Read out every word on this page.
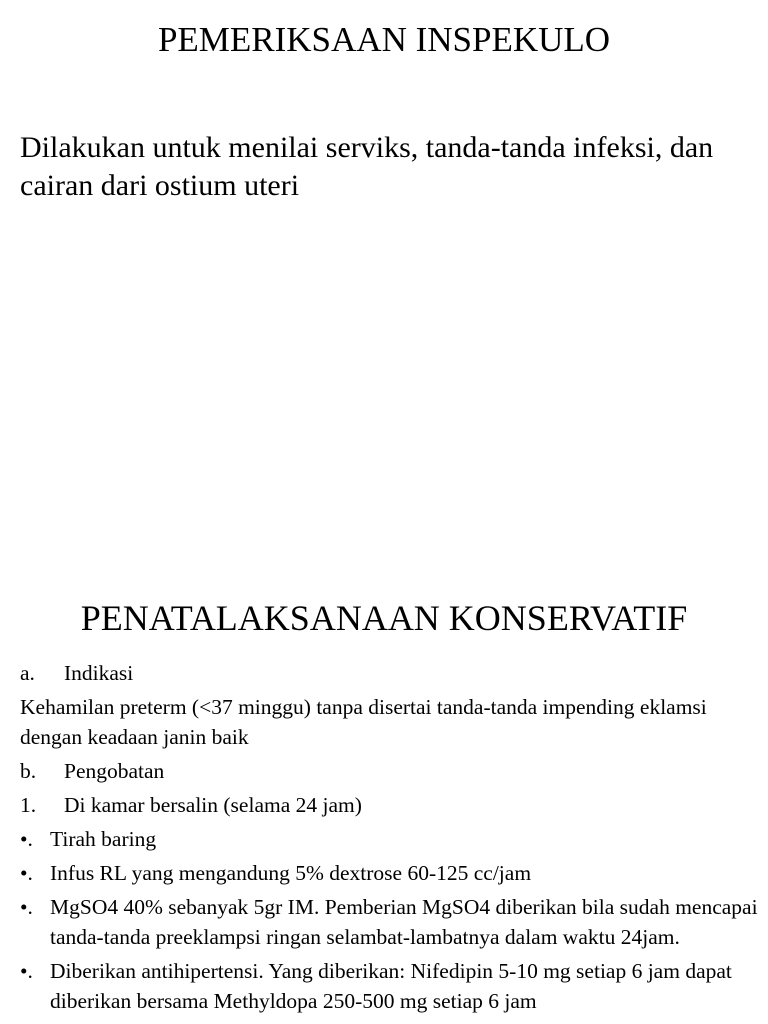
PEMERIKSAAN INSPEKULO
Dilakukan untuk menilai serviks, tanda-tanda infeksi, dan cairan dari ostium uteri
PENATALAKSANAAN KONSERVATIF
a.	Indikasi
Kehamilan preterm (<37 minggu) tanpa disertai tanda-tanda impending eklamsi dengan keadaan janin baik
b.	Pengobatan
1.	Di kamar bersalin (selama 24 jam)
•. Tirah baring
•. Infus RL yang mengandung 5% dextrose 60-125 cc/jam
•. MgSO4 40% sebanyak 5gr IM. Pemberian MgSO4 diberikan bila sudah mencapai tanda-tanda preeklampsi ringan selambat-lambatnya dalam waktu 24jam.
•. Diberikan antihipertensi. Yang diberikan: Nifedipin 5-10 mg setiap 6 jam dapat diberikan bersama Methyldopa 250-500 mg setiap 6 jam
